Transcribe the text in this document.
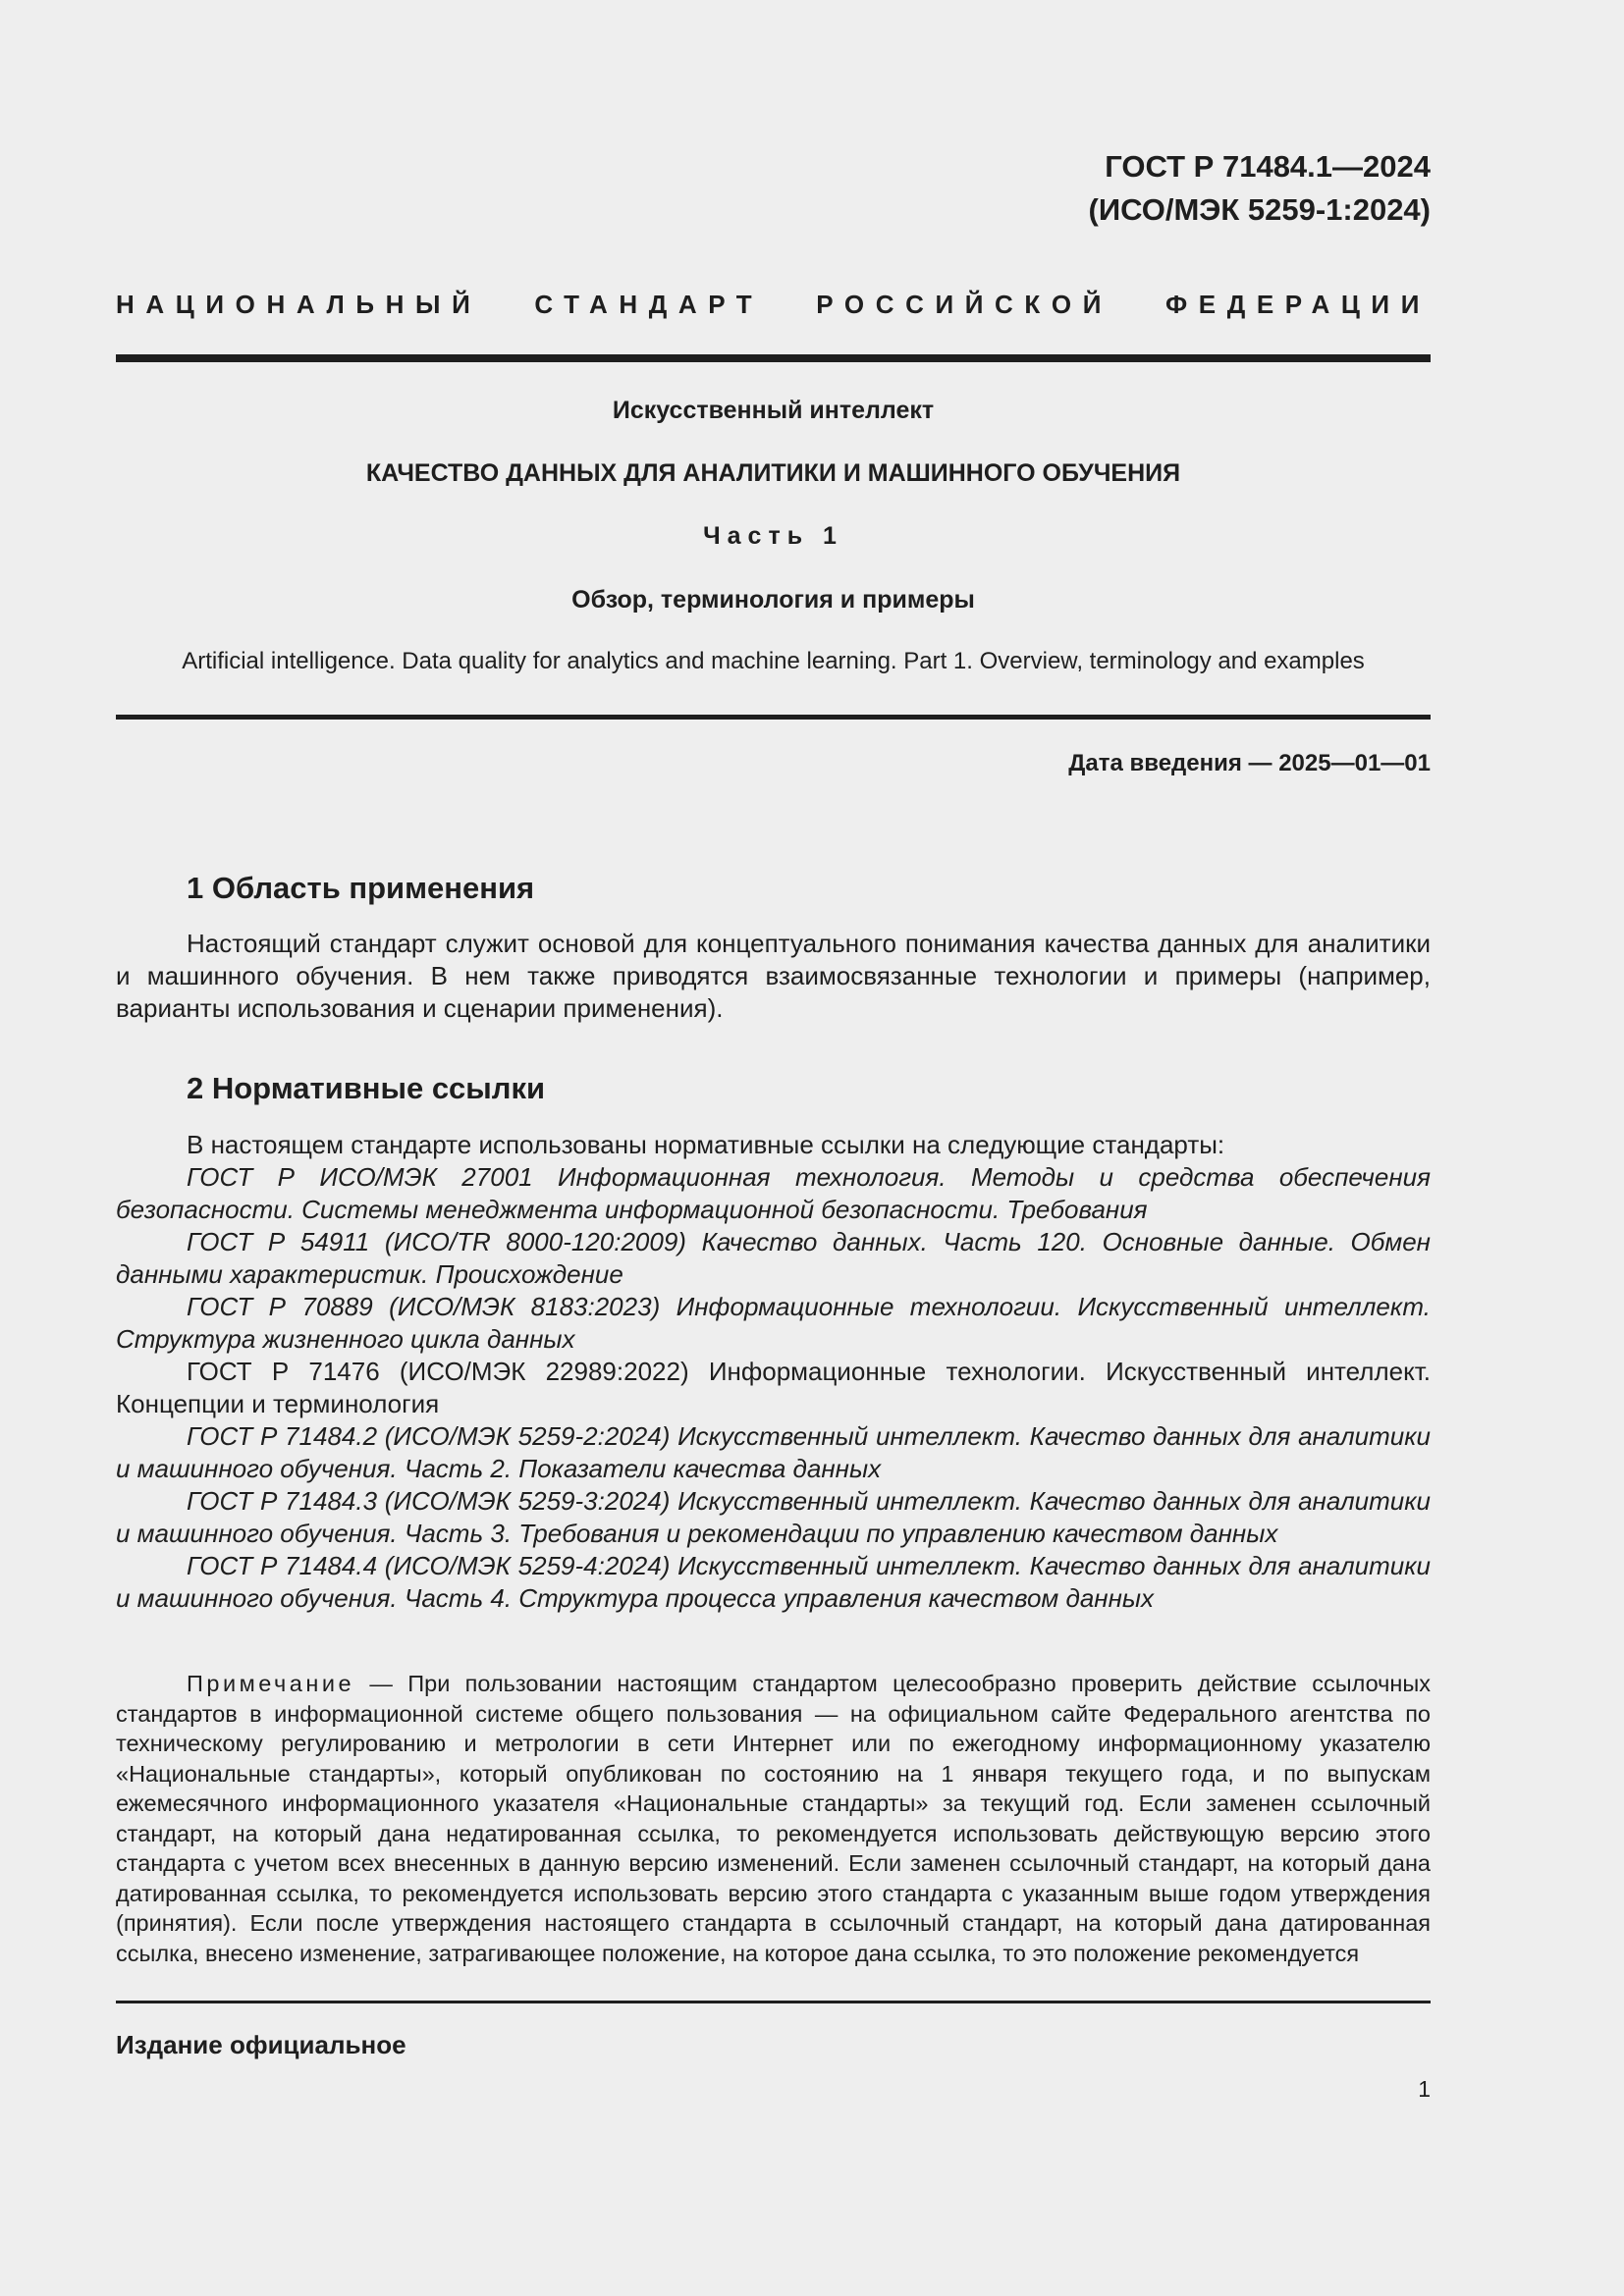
ГОСТ Р 71484.1—2024
(ИСО/МЭК 5259-1:2024)
НАЦИОНАЛЬНЫЙ СТАНДАРТ РОССИЙСКОЙ ФЕДЕРАЦИИ
Искусственный интеллект
КАЧЕСТВО ДАННЫХ ДЛЯ АНАЛИТИКИ И МАШИННОГО ОБУЧЕНИЯ
Часть 1
Обзор, терминология и примеры
Artificial intelligence. Data quality for analytics and machine learning. Part 1. Overview, terminology and examples
Дата введения — 2025—01—01
1 Область применения

Настоящий стандарт служит основой для концептуального понимания качества данных для аналитики и машинного обучения. В нем также приводятся взаимосвязанные технологии и примеры (например, варианты использования и сценарии применения).

2 Нормативные ссылки

В настоящем стандарте использованы нормативные ссылки на следующие стандарты:

ГОСТ Р ИСО/МЭК 27001 Информационная технология. Методы и средства обеспечения безопасности. Системы менеджмента информационной безопасности. Требования

ГОСТ Р 54911 (ИСО/TR 8000-120:2009) Качество данных. Часть 120. Основные данные. Обмен данными характеристик. Происхождение

ГОСТ Р 70889 (ИСО/МЭК 8183:2023) Информационные технологии. Искусственный интеллект. Структура жизненного цикла данных

ГОСТ Р 71476 (ИСО/МЭК 22989:2022) Информационные технологии. Искусственный интеллект. Концепции и терминология

ГОСТ Р 71484.2 (ИСО/МЭК 5259-2:2024) Искусственный интеллект. Качество данных для аналитики и машинного обучения. Часть 2. Показатели качества данных

ГОСТ Р 71484.3 (ИСО/МЭК 5259-3:2024) Искусственный интеллект. Качество данных для аналитики и машинного обучения. Часть 3. Требования и рекомендации по управлению качеством данных

ГОСТ Р 71484.4 (ИСО/МЭК 5259-4:2024) Искусственный интеллект. Качество данных для аналитики и машинного обучения. Часть 4. Структура процесса управления качеством данных

Примечание — При пользовании настоящим стандартом целесообразно проверить действие ссылочных стандартов в информационной системе общего пользования — на официальном сайте Федерального агентства по техническому регулированию и метрологии в сети Интернет или по ежегодному информационному указателю «Национальные стандарты», который опубликован по состоянию на 1 января текущего года, и по выпускам ежемесячного информационного указателя «Национальные стандарты» за текущий год. Если заменен ссылочный стандарт, на который дана недатированная ссылка, то рекомендуется использовать действующую версию этого стандарта с учетом всех внесенных в данную версию изменений. Если заменен ссылочный стандарт, на который дана датированная ссылка, то рекомендуется использовать версию этого стандарта с указанным выше годом утверждения (принятия). Если после утверждения настоящего стандарта в ссылочный стандарт, на который дана датированная ссылка, внесено изменение, затрагивающее положение, на которое дана ссылка, то это положение рекомендуется

Издание официальное
1
